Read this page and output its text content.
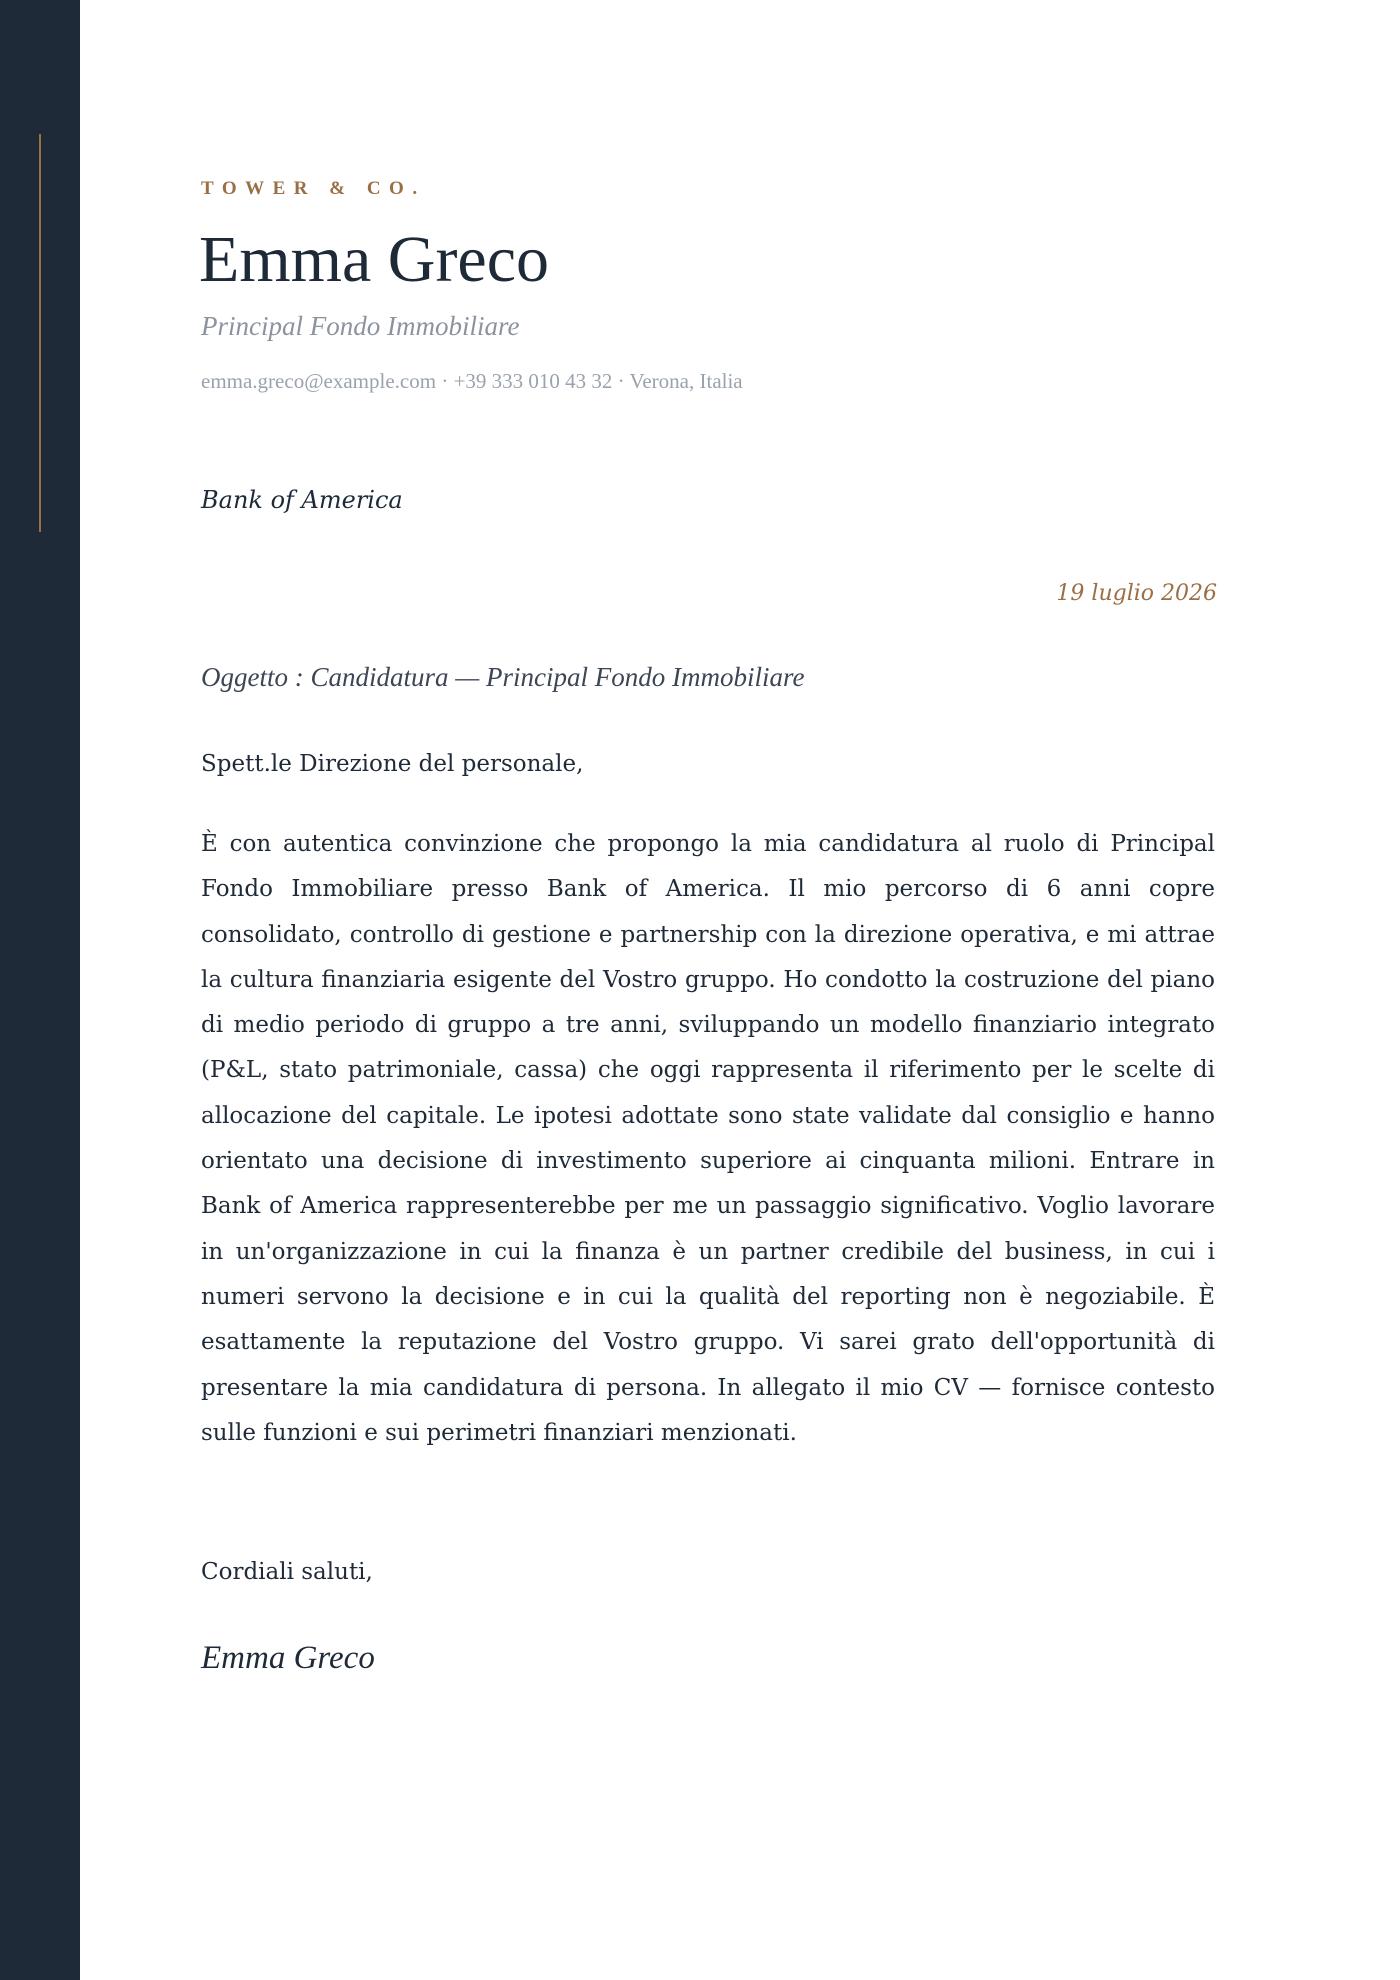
TOWER & CO.
Emma Greco
Principal Fondo Immobiliare
emma.greco@example.com · +39 333 010 43 32 · Verona, Italia
Bank of America
19 luglio 2026
Oggetto : Candidatura — Principal Fondo Immobiliare
Spett.le Direzione del personale,

È con autentica convinzione che propongo la mia candidatura al ruolo di Principal Fondo Immobiliare presso Bank of America. Il mio percorso di 6 anni copre consolidato, controllo di gestione e partnership con la direzione operativa, e mi attrae la cultura finanziaria esigente del Vostro gruppo. Ho condotto la costruzione del piano di medio periodo di gruppo a tre anni, sviluppando un modello finanziario integrato (P&L, stato patrimoniale, cassa) che oggi rappresenta il riferimento per le scelte di allocazione del capitale. Le ipotesi adottate sono state validate dal consiglio e hanno orientato una decisione di investimento superiore ai cinquanta milioni. Entrare in Bank of America rappresenterebbe per me un passaggio significativo. Voglio lavorare in un'organizzazione in cui la finanza è un partner credibile del business, in cui i numeri servono la decisione e in cui la qualità del reporting non è negoziabile. È esattamente la reputazione del Vostro gruppo. Vi sarei grato dell'opportunità di presentare la mia candidatura di persona. In allegato il mio CV — fornisce contesto sulle funzioni e sui perimetri finanziari menzionati.

Cordiali saluti,
Emma Greco
